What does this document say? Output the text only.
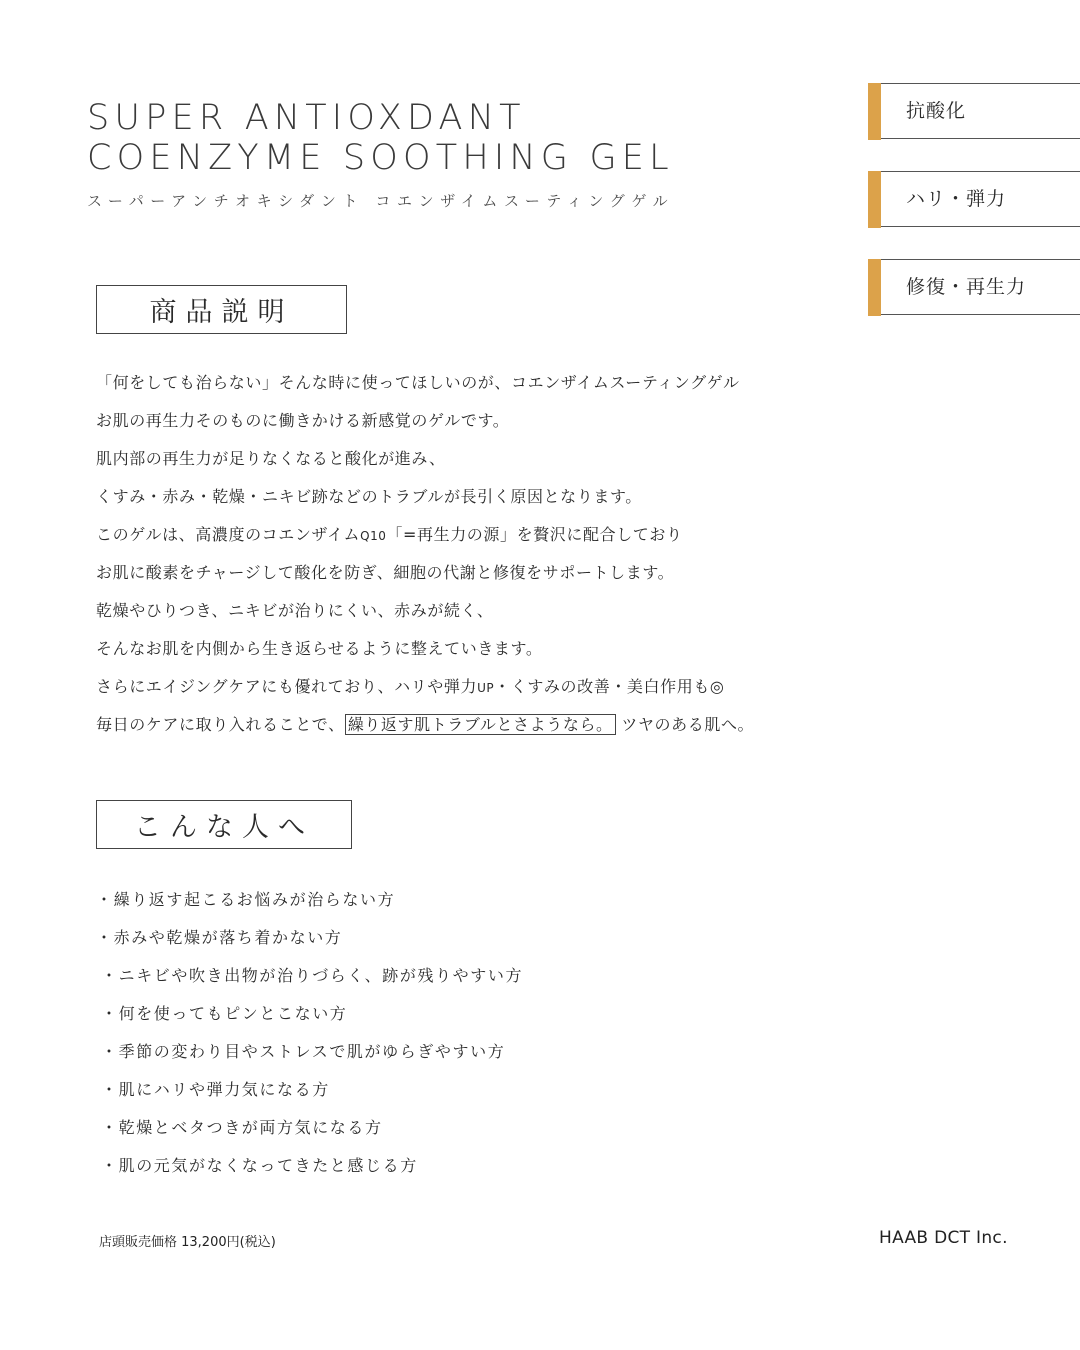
SUPER ANTIOXDANT
COENZYME SOOTHING GEL
スーパーアンチオキシダント コエンザイムスーティングゲル
抗酸化
ハリ・弾力
修復・再生力
商品説明
「何をしても治らない」そんな時に使ってほしいのが、コエンザイムスーティングゲル
お肌の再生力そのものに働きかける新感覚のゲルです。
肌内部の再生力が足りなくなると酸化が進み、
くすみ・赤み・乾燥・ニキビ跡などのトラブルが長引く原因となります。
このゲルは、高濃度のコエンザイムQ10「=再生力の源」を贅沢に配合しており
お肌に酸素をチャージして酸化を防ぎ、細胞の代謝と修復をサポートします。
乾燥やひりつき、ニキビが治りにくい、赤みが続く、
そんなお肌を内側から生き返らせるように整えていきます。
さらにエイジングケアにも優れており、ハリや弾力UP・くすみの改善・美白作用も◎
毎日のケアに取り入れることで、 繰り返す肌トラブルとさようなら。 ツヤのある肌へ。
こんな人へ
・繰り返す起こるお悩みが治らない方
・赤みや乾燥が落ち着かない方
・ニキビや吹き出物が治りづらく、跡が残りやすい方
・何を使ってもピンとこない方
・季節の変わり目やストレスで肌がゆらぎやすい方
・肌にハリや弾力気になる方
・乾燥とベタつきが両方気になる方
・肌の元気がなくなってきたと感じる方
店頭販売価格 13,200円(税込)	HAAB DCT Inc.
